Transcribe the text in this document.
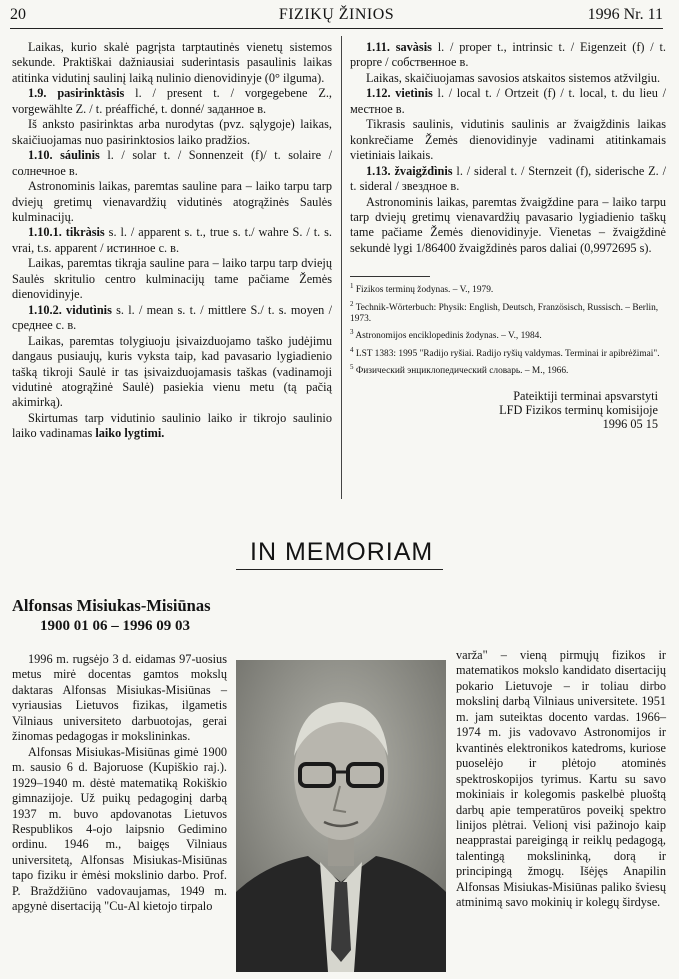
20	FIZIKŲ ŽINIOS	1996 Nr. 11

Laikas, kurio skalė pagrįsta tarptautinės vienetų sistemos sekunde. Praktiškai dažniausiai suderintasis pasaulinis laikas atitinka vidutinį saulinį laiką nulinio dienovidinyje (0° ilguma).

1.9. pasirinktàsis l. / present t. / vorgegebene Z., vorgewählte Z. / t. préaffiché, t. donné/ заданное в.

Iš anksto pasirinktas arba nurodytas (pvz. sąlygoje) laikas, skaičiuojamas nuo pasirinktosios laiko pradžios.

1.10. sáulinis l. / solar t. / Sonnenzeit (f)/ t. solaire / солнечное в.

Astronominis laikas, paremtas sauline para – laiko tarpu tarp dviejų gretimų vienavardžių vidutinės atogrąžinės Saulės kulminacijų.

1.10.1. tikràsis s. l. / apparent s. t., true s. t./ wahre S. / t. s. vrai, t.s. apparent / истинное с. в.

Laikas, paremtas tikrąja sauline para – laiko tarpu tarp dviejų Saulės skritulio centro kulminacijų tame pačiame Žemės dienovidinyje.

1.10.2. vidutìnis s. l. / mean s. t. / mittlere S./ t. s. moyen / среднее с. в.

Laikas, paremtas tolygiuoju įsivaizduojamo taško judėjimu dangaus pusiaujų, kuris vyksta taip, kad pavasario lygiadienio tašką tikroji Saulė ir tas įsivaizduojamasis taškas (vadinamoji vidutinė atogrąžinė Saulė) pasiekia vienu metu (tą pačią akimirką).

Skirtumas tarp vidutinio saulinio laiko ir tikrojo saulinio laiko vadinamas laiko lygtimi.

1.11. savàsis l. / proper t., intrinsic t. / Eigenzeit (f) / t. propre / собственное в.

Laikas, skaičiuojamas savosios atskaitos sistemos atžvilgiu.

1.12. vietìnis l. / local t. / Ortzeit (f) / t. local, t. du lieu / местное в.

Tikrasis saulinis, vidutinis saulinis ar žvaigždinis laikas konkrečiame Žemės dienovidinyje vadinami atitinkamais vietiniais laikais.

1.13. žvaigždìnis l. / sideral t. / Sternzeit (f), siderische Z. / t. sideral / звездное в.

Astronominis laikas, paremtas žvaigždine para – laiko tarpu tarp dviejų gretimų vienavardžių pavasario lygiadienio taškų tame pačiame Žemės dienovidinyje. Vienetas – žvaigždinė sekundė lygi 1/86400 žvaigždinės paros daliai (0,9972695 s).

$^1$ Fizikos terminų žodynas. – V., 1979.

$^2$ Technik-Wörterbuch: Physik: English, Deutsch, Französisch, Russisch. – Berlin, 1973.

$^3$ Astronomijos enciklopedinis žodynas. – V., 1984.

$^4$ LST 1383: 1995 "Radijo ryšiai. Radijo ryšių valdymas. Terminai ir apibrėžimai".

$^5$ Физический энциклопедический словарь. – М., 1966.

Pateiktiji terminai apsvarstyti
LFD Fizikos terminų komisijoje
1996 05 15
IN MEMORIAM
Alfonsas Misiukas-Misiūnas
1900 01 06 – 1996 09 03

1996 m. rugsėjo 3 d. eidamas 97-uosius metus mirė docentas gamtos mokslų daktaras Alfonsas Misiukas-Misiūnas – vyriausias Lietuvos fizikas, ilgametis Vilniaus universiteto darbuotojas, gerai žinomas pedagogas ir mokslininkas.

Alfonsas Misiukas-Misiūnas gimė 1900 m. sausio 6 d. Bajoruose (Kupiškio raj.). 1929–1940 m. dėstė matematiką Rokiškio gimnazijoje. Už puikų pedagoginį darbą 1937 m. buvo apdovanotas Lietuvos Respublikos 4-ojo laipsnio Gedimino ordinu. 1946 m., baigęs Vilniaus universitetą, Alfonsas Misiukas-Misiūnas tapo fiziku ir ėmėsi mokslinio darbo. Prof. P. Braždžiūno vadovaujamas, 1949 m. apgynė disertaciją "Cu-Al kietojo tirpalo

varža" – vieną pirmųjų fizikos ir matematikos mokslo kandidato disertacijų pokario Lietuvoje – ir toliau dirbo mokslinį darbą Vilniaus universitete. 1951 m. jam suteiktas docento vardas. 1966–1974 m. jis vadovavo Astronomijos ir kvantinės elektronikos katedroms, kuriose puoselėjo ir plėtojo atominės spektroskopijos tyrimus. Kartu su savo mokiniais ir kolegomis paskelbė pluoštą darbų apie temperatūros poveikį spektro linijos plėtrai. Velionį visi pažinojo kaip neapprastai pareigingą ir reiklų pedagogą, talentingą mokslininką, dorą ir principingą žmogų. Išėjęs Anapilin Alfonsas Misiukas-Misiūnas paliko šviesų atminimą savo mokinių ir kolegų širdyse.
